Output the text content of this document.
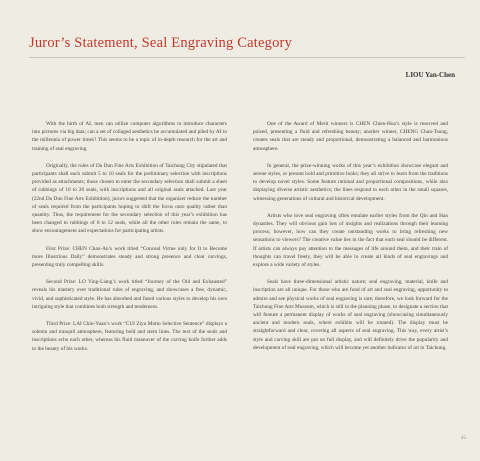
Juror’s Statement, Seal Engraving Category
LIOU Yan-Chen

With the birth of AI, men can utilize computer algorithms to introduce characters into pictures via big data; can a set of collaged aesthetics be accumulated and piled by AI to the millennia of power times? This seems to be a topic of in-depth research for the art and training of seal engraving.

Originally, the rules of Da Dun Fine Arts Exhibition of Taichung City stipulated that participants shall each submit 5 to 10 seals for the preliminary selection with inscriptions provided as attachments; those chosen to enter the secondary selection shall submit a sheet of rubbings of 10 to 20 seals, with inscriptions and all original seals attached. Last year (22nd Da Dun Fine Arts Exhibition), jurors suggested that the organizer reduce the number of seals required from the participants hoping to shift the focus onto quality rather than quantity. Thus, the requirement for the secondary selection of this year’s exhibition has been changed to rubbings of 8 to 12 seals, while all the other rules remain the same, to show encouragement and expectations for participating artists.

First Prize: CHEN Chao-An’s work titled “Conceal Virtue only for It to Become more Illustrious Daily” demonstrates steady and strong presence and clear carvings, presenting truly compelling skills.

Second Prize: LO Ying-Liang’s work titled “Journey of the Old and Exhausted” reveals his mastery over traditional rules of engraving, and showcases a free, dynamic, vivid, and sophisticated style. He has absorbed and fused various styles to develop his own intriguing style that combines both strength and tenderness.

Third Prize: LAI Chin-Yuan’s work “CUI Ziyu Motto Selective Sentence” displays a solemn and tranquil atmosphere, featuring bold and stern lines. The text of the seals and inscriptions echo each other, whereas his fluid maneuver of the carving knife further adds to the beauty of his works.

One of the Award of Merit winners is CHEN Chien-Hua’s style is reserved and poised, presenting a fluid and refreshing beauty; another winner, CHENG Chun-Tsung, creates seals that are steady and proportional, demonstrating a balanced and harmonious atmosphere.

In general, the prize-winning works of this year’s exhibition showcase elegant and serene styles, or present bold and primitive looks; they all strive to learn from the traditions to develop novel styles. Some feature rational and proportional compositions, while also displaying diverse artistic aesthetics; the lines respond to each other in the small squares, witnessing generations of cultural and historical development.

Artists who love seal engraving often emulate earlier styles from the Qin and Han dynasties. They will obvious gain lots of insights and realizations through their learning process; however, how can they create outstanding works to bring refreshing new sensations to viewers? The creative value lies in the fact that each seal should be different. If artists can always pay attention to the messages of life around them, and their train of thoughts can travel freely, they will be able to create all kinds of seal engravings and explore a wide variety of styles.

Seals have three-dimensional artistic nature; seal engraving, material, knife and inscription are all unique. For those who are fond of art and seal engraving, opportunity to admire and see physical works of seal engraving is rare; therefore, we look forward for the Taichung Fine Arts Museum, which is still in the planning phase, to designate a section that will feature a permanent display of works of seal engraving (showcasing simultaneously ancient and modern seals, where exhibits will be rotated). The display must be straightforward and clear, covering all aspects of seal engraving. This way, every artist’s style and carving skill are put on full display, and will definitely drive the popularity and development of seal engraving, which will become yet another indicator of art in Taichung.

45
